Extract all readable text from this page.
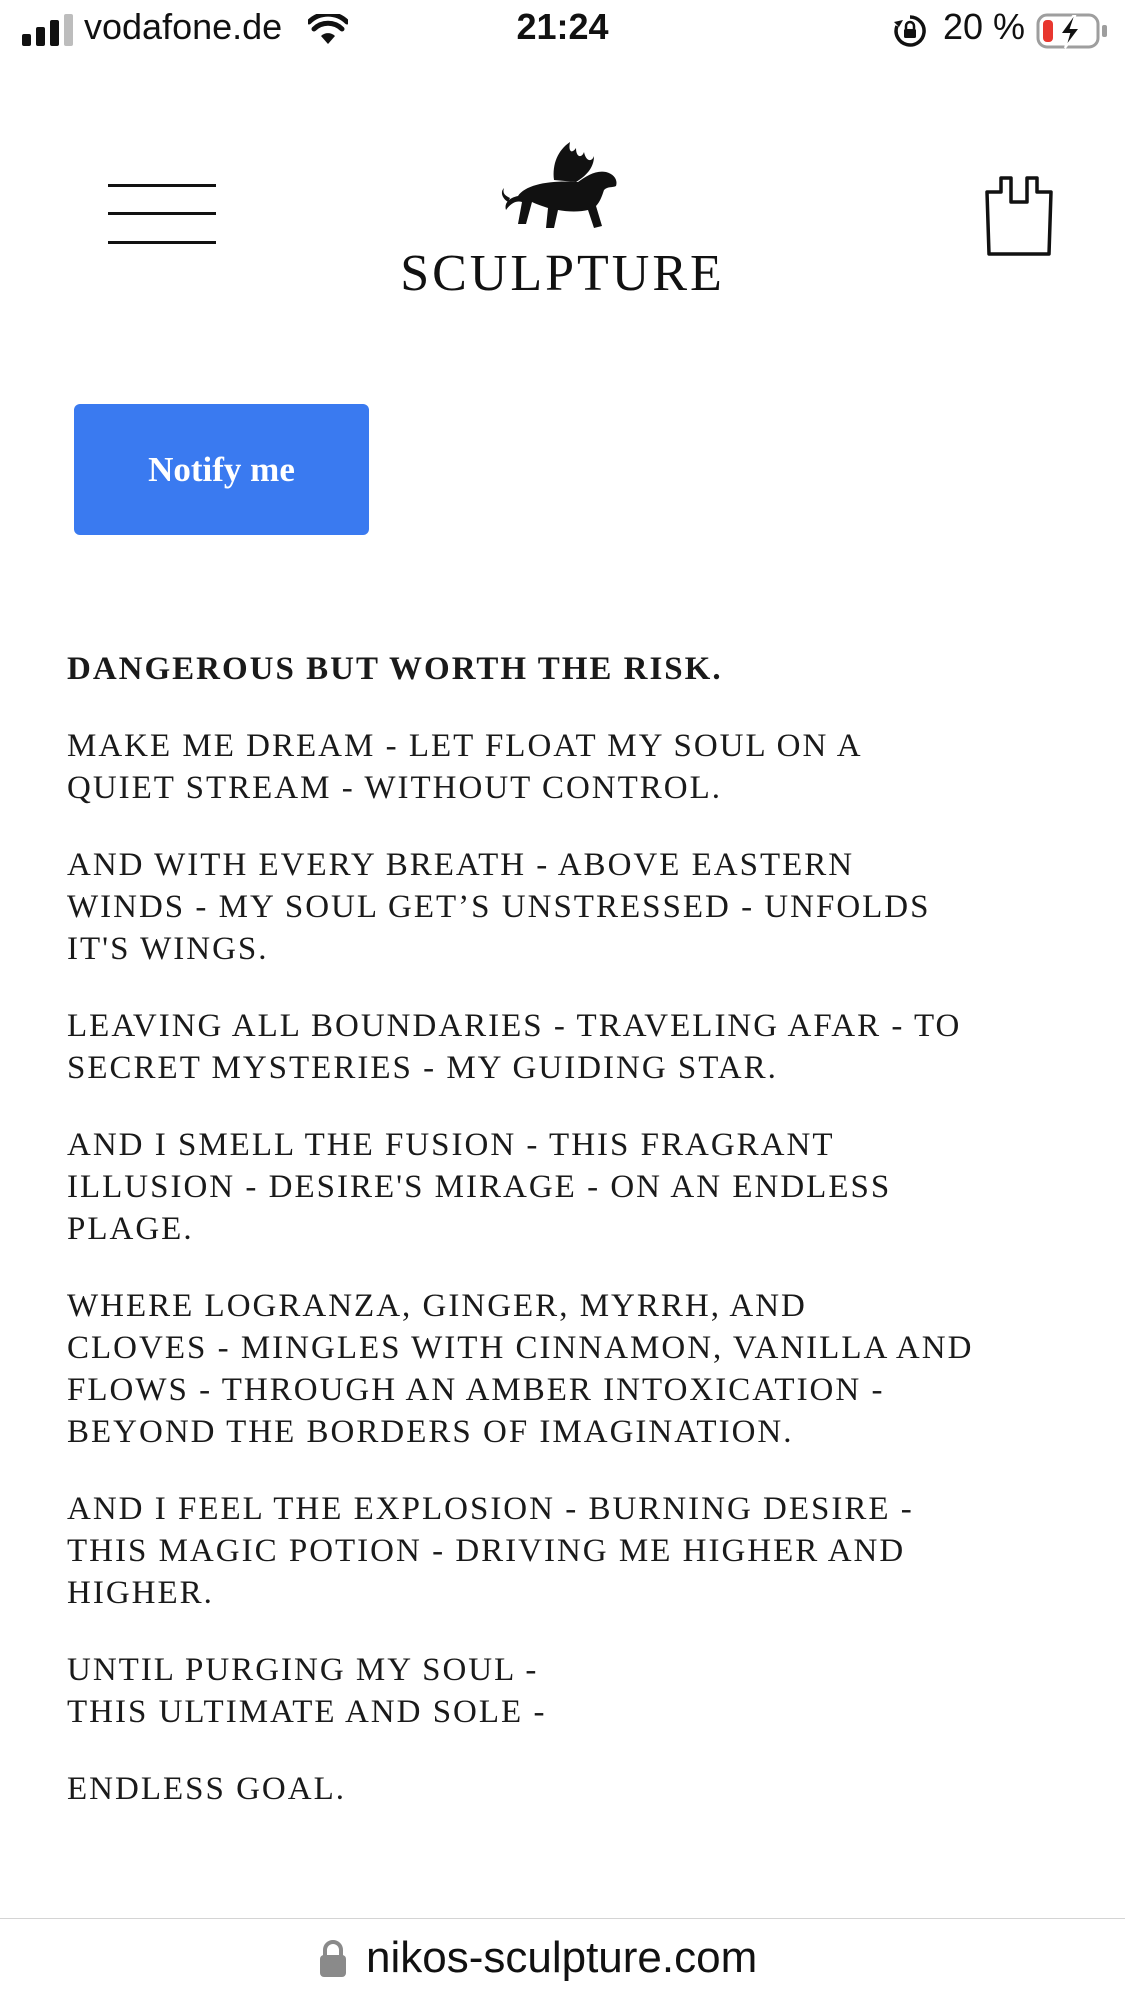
vodafone.de	21:24	20 %
SCULPTURE
Notify me

DANGEROUS BUT WORTH THE RISK.

MAKE ME DREAM - LET FLOAT MY SOUL ON A
QUIET STREAM - WITHOUT CONTROL.

AND WITH EVERY BREATH - ABOVE EASTERN
WINDS - MY SOUL GET’S UNSTRESSED - UNFOLDS
IT'S WINGS.

LEAVING ALL BOUNDARIES - TRAVELING AFAR - TO
SECRET MYSTERIES - MY GUIDING STAR.

AND I SMELL THE FUSION - THIS FRAGRANT
ILLUSION - DESIRE'S MIRAGE - ON AN ENDLESS
PLAGE.

WHERE LOGRANZA, GINGER, MYRRH, AND
CLOVES - MINGLES WITH CINNAMON, VANILLA AND
FLOWS - THROUGH AN AMBER INTOXICATION -
BEYOND THE BORDERS OF IMAGINATION.

AND I FEEL THE EXPLOSION - BURNING DESIRE -
THIS MAGIC POTION - DRIVING ME HIGHER AND
HIGHER.

UNTIL PURGING MY SOUL -
THIS ULTIMATE AND SOLE -

ENDLESS GOAL.

nikos-sculpture.com
